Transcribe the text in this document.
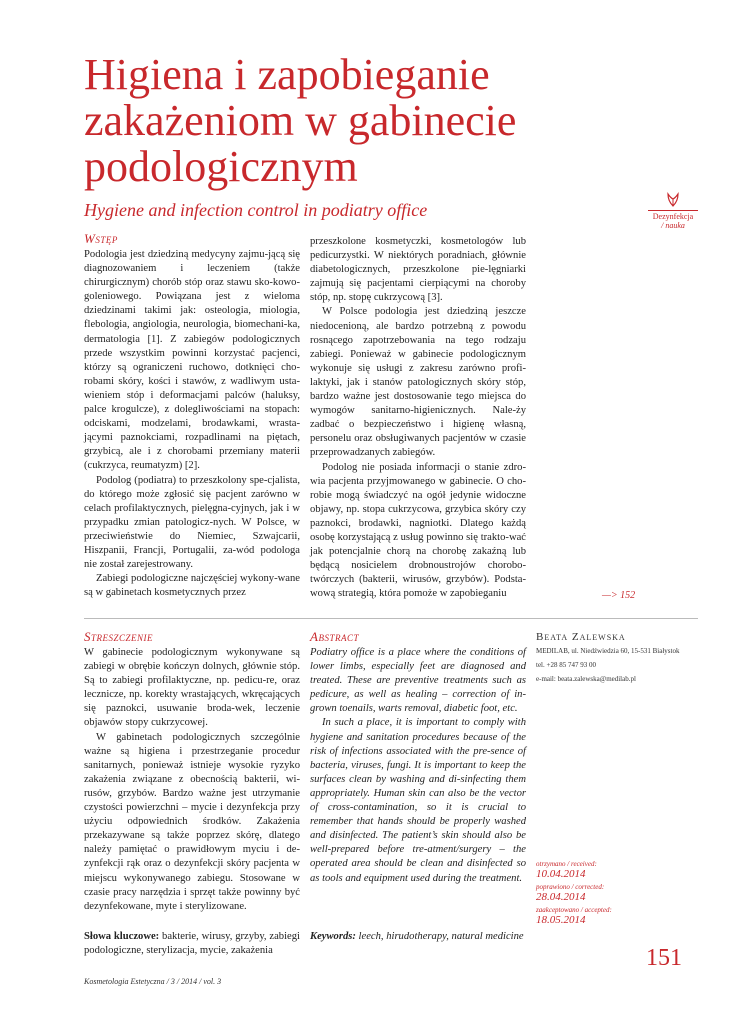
Higiena i zapobieganie zakażeniom w gabinecie podologicznym
Hygiene and infection control in podiatry office	Dezynfekcja
/ nauka
Wstęp

Podologia jest dziedziną medycyny zajmu-jącą się diagnozowaniem i leczeniem (także chirurgicznym) chorób stóp oraz stawu sko-kowo-goleniowego. Powiązana jest z wieloma dziedzinami takimi jak: osteologia, miologia, flebologia, angiologia, neurologia, biomechani-ka, dermatologia [1]. Z zabiegów podologicznych przede wszystkim powinni korzystać pacjenci, którzy są ograniczeni ruchowo, dotknięci cho-robami skóry, kości i stawów, z wadliwym usta-wieniem stóp i deformacjami palców (haluksy, palce krogulcze), z dolegliwościami na stopach: odciskami, modzelami, brodawkami, wrasta-jącymi paznokciami, rozpadlinami na piętach, grzybicą, ale i z chorobami przemiany materii (cukrzyca, reumatyzm) [2].

Podolog (podiatra) to przeszkolony spe-cjalista, do którego może zgłosić się pacjent zarówno w celach profilaktycznych, pielęgna-cyjnych, jak i w przypadku zmian patologicz-nych. W Polsce, w przeciwieństwie do Niemiec, Szwajcarii, Hiszpanii, Francji, Portugalii, za-wód podologa nie został zarejestrowany.

Zabiegi podologiczne najczęściej wykony-wane są w gabinetach kosmetycznych przez

przeszkolone kosmetyczki, kosmetologów lub pedicurzystki. W niektórych poradniach, głównie diabetologicznych, przeszkolone pie-lęgniarki zajmują się pacjentami cierpiącymi na choroby stóp, np. stopę cukrzycową [3].

W Polsce podologia jest dziedziną jeszcze niedocenioną, ale bardzo potrzebną z powodu rosnącego zapotrzebowania na tego rodzaju zabiegi. Ponieważ w gabinecie podologicznym wykonuje się usługi z zakresu zarówno profi-laktyki, jak i stanów patologicznych skóry stóp, bardzo ważne jest dostosowanie tego miejsca do wymogów sanitarno-higienicznych. Nale-ży zadbać o bezpieczeństwo i higienę własną, personelu oraz obsługiwanych pacjentów w czasie przeprowadzanych zabiegów.

Podolog nie posiada informacji o stanie zdro-wia pacjenta przyjmowanego w gabinecie. O cho-robie mogą świadczyć na ogół jedynie widoczne objawy, np. stopa cukrzycowa, grzybica skóry czy paznokci, brodawki, nagniotki. Dlatego każdą osobę korzystającą z usług powinno się trakto-wać jak potencjalnie chorą na chorobę zakaźną lub będącą nosicielem drobnoustrojów chorobo-twórczych (bakterii, wirusów, grzybów). Podsta-wową strategią, która pomoże w zapobieganiu	—> 152
Streszczenie

W gabinecie podologicznym wykonywane są zabiegi w obrębie kończyn dolnych, głównie stóp. Są to zabiegi profilaktyczne, np. pedicu-re, oraz lecznicze, np. korekty wrastających, wkręcających się paznokci, usuwanie broda-wek, leczenie objawów stopy cukrzycowej.

W gabinetach podologicznych szczególnie ważne są higiena i przestrzeganie procedur sanitarnych, ponieważ istnieje wysokie ryzyko zakażenia związane z obecnością bakterii, wi-rusów, grzybów. Bardzo ważne jest utrzymanie czystości powierzchni – mycie i dezynfekcja przy użyciu odpowiednich środków. Zakażenia przekazywane są także poprzez skórę, dlatego należy pamiętać o prawidłowym myciu i de-zynfekcji rąk oraz o dezynfekcji skóry pacjenta w miejscu wykonywanego zabiegu. Stosowane w czasie pracy narzędzia i sprzęt także powinny być dezynfekowane, myte i sterylizowane.

Słowa kluczowe: bakterie, wirusy, grzyby, zabiegi podologiczne, sterylizacja, mycie, zakażenia
Abstract

Podiatry office is a place where the conditions of lower limbs, especially feet are diagnosed and treated. These are preventive treatments such as pedicure, as well as healing – correction of in-grown toenails, warts removal, diabetic foot, etc.

In such a place, it is important to comply with hygiene and sanitation procedures because of the risk of infections associated with the pre-sence of bacteria, viruses, fungi. It is important to keep the surfaces clean by washing and di-sinfecting them appropriately. Human skin can also be the vector of cross-contamination, so it is crucial to remember that hands should be properly washed and disinfected. The patient’s skin should also be well-prepared before tre-atment/surgery – the operated area should be clean and disinfected so as tools and equipment used during the treatment.

Keywords: leech, hirudotherapy, natural medicine
Beata Zalewska
MEDILAB, ul. Niedźwiedzia 60, 15-531 Białystok
tel. +28 85 747 93 00
e-mail: beata.zalewska@medilab.pl
otrzymano / received:
10.04.2014
poprawiono / corrected:
28.04.2014
zaakceptowano / accepted:
18.05.2014
151
Kosmetologia Estetyczna / 3 / 2014 / vol. 3
